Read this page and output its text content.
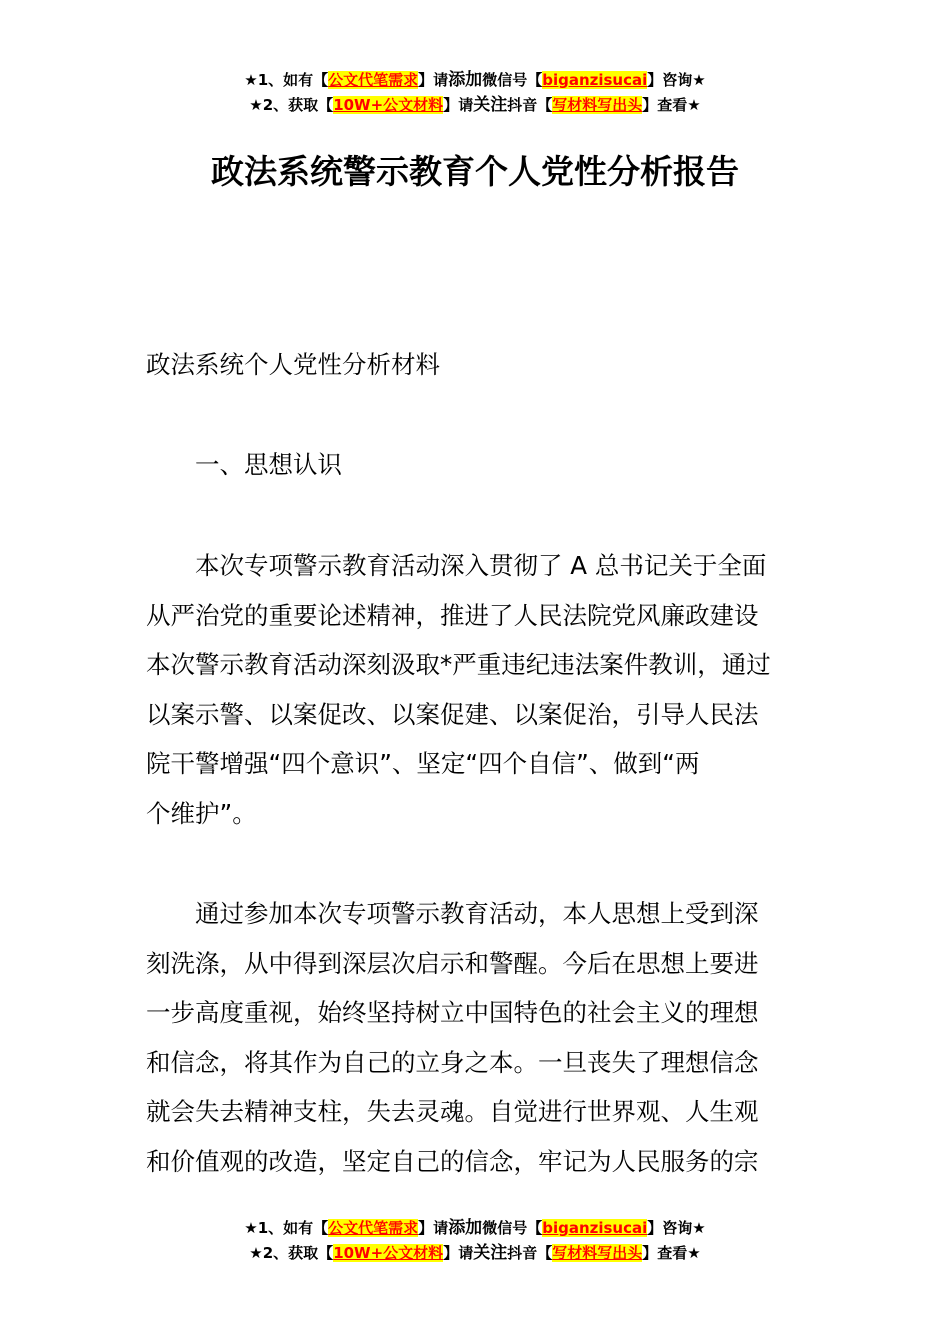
★1、如有【公文代笔需求】请添加微信号【biganzisucai】咨询★
★2、获取【10W+公文材料】请关注抖音【写材料写出头】查看★
政法系统警示教育个人党性分析报告
政法系统个人党性分析材料
一、思想认识
本次专项警示教育活动深入贯彻了 A 总书记关于全面
从严治党的重要论述精神，推进了人民法院党风廉政建设
本次警示教育活动深刻汲取*严重违纪违法案件教训，通过
以案示警、以案促改、以案促建、以案促治，引导人民法
院干警增强“四个意识”、坚定“四个自信”、做到“两
个维护”。
通过参加本次专项警示教育活动，本人思想上受到深
刻洗涤，从中得到深层次启示和警醒。今后在思想上要进
一步高度重视，始终坚持树立中国特色的社会主义的理想
和信念，将其作为自己的立身之本。一旦丧失了理想信念
就会失去精神支柱，失去灵魂。自觉进行世界观、人生观
和价值观的改造，坚定自己的信念，牢记为人民服务的宗
★1、如有【公文代笔需求】请添加微信号【biganzisucai】咨询★
★2、获取【10W+公文材料】请关注抖音【写材料写出头】查看★
